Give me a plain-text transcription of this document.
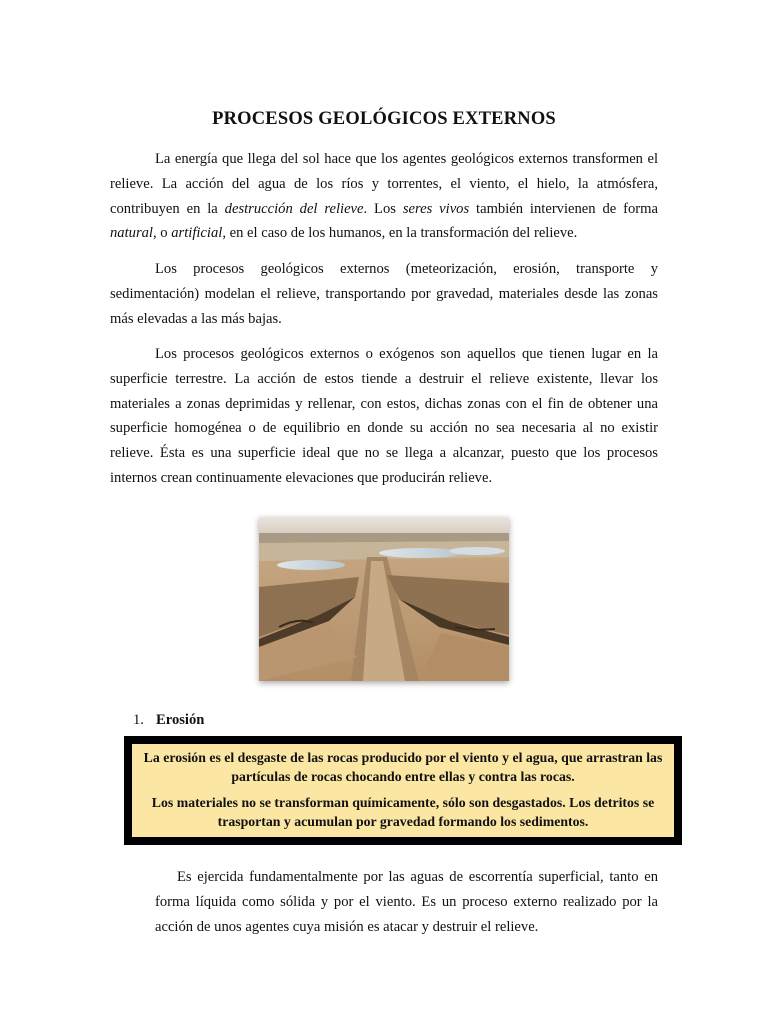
PROCESOS GEOLÓGICOS EXTERNOS

La energía que llega del sol hace que los agentes geológicos externos transformen el relieve. La acción del agua de los ríos y torrentes, el viento, el hielo, la atmósfera, contribuyen en la destrucción del relieve. Los seres vivos también intervienen de forma natural, o artificial, en el caso de los humanos, en la transformación del relieve.

Los procesos geológicos externos (meteorización, erosión, transporte y sedimentación) modelan el relieve, transportando por gravedad, materiales desde las zonas más elevadas a las más bajas.

Los procesos geológicos externos o exógenos son aquellos que tienen lugar en la superficie terrestre. La acción de estos tiende a destruir el relieve existente, llevar los materiales a zonas deprimidas y rellenar, con estos, dichas zonas con el fin de obtener una superficie homogénea o de equilibrio en donde su acción no sea necesaria al no existir relieve. Ésta es una superficie ideal que no se llega a alcanzar, puesto que los procesos internos crean continuamente elevaciones que producirán relieve.

1. Erosión

La erosión es el desgaste de las rocas producido por el viento y el agua, que arrastran las partículas de rocas chocando entre ellas y contra las rocas.

Los materiales no se transforman químicamente, sólo son desgastados. Los detritos se trasportan y acumulan por gravedad formando los sedimentos.

Es ejercida fundamentalmente por las aguas de escorrentía superficial, tanto en forma líquida como sólida y por el viento. Es un proceso externo realizado por la acción de unos agentes cuya misión es atacar y destruir el relieve.
